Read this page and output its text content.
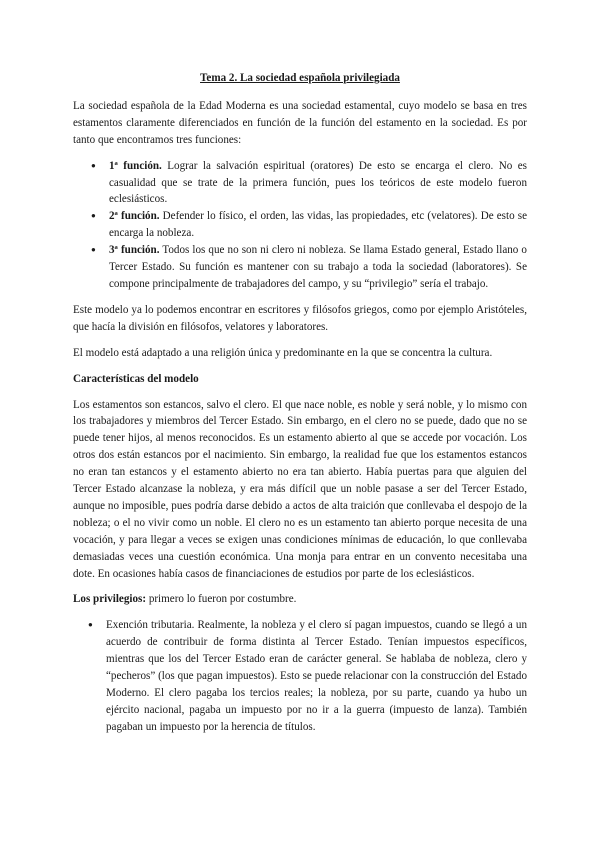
Tema 2. La sociedad española privilegiada

La sociedad española de la Edad Moderna es una sociedad estamental, cuyo modelo se basa en tres estamentos claramente diferenciados en función de la función del estamento en la sociedad. Es por tanto que encontramos tres funciones:

● 1ª función. Lograr la salvación espiritual (oratores) De esto se encarga el clero. No es casualidad que se trate de la primera función, pues los teóricos de este modelo fueron eclesiásticos.
● 2ª función. Defender lo físico, el orden, las vidas, las propiedades, etc (velatores). De esto se encarga la nobleza.
● 3ª función. Todos los que no son ni clero ni nobleza. Se llama Estado general, Estado llano o Tercer Estado. Su función es mantener con su trabajo a toda la sociedad (laboratores). Se compone principalmente de trabajadores del campo, y su “privilegio” sería el trabajo.

Este modelo ya lo podemos encontrar en escritores y filósofos griegos, como por ejemplo Aristóteles, que hacía la división en filósofos, velatores y laboratores.

El modelo está adaptado a una religión única y predominante en la que se concentra la cultura.

Características del modelo

Los estamentos son estancos, salvo el clero. El que nace noble, es noble y será noble, y lo mismo con los trabajadores y miembros del Tercer Estado. Sin embargo, en el clero no se puede, dado que no se puede tener hijos, al menos reconocidos. Es un estamento abierto al que se accede por vocación. Los otros dos están estancos por el nacimiento. Sin embargo, la realidad fue que los estamentos estancos no eran tan estancos y el estamento abierto no era tan abierto. Había puertas para que alguien del Tercer Estado alcanzase la nobleza, y era más difícil que un noble pasase a ser del Tercer Estado, aunque no imposible, pues podría darse debido a actos de alta traición que conllevaba el despojo de la nobleza; o el no vivir como un noble. El clero no es un estamento tan abierto porque necesita de una vocación, y para llegar a veces se exigen unas condiciones mínimas de educación, lo que conllevaba demasiadas veces una cuestión económica. Una monja para entrar en un convento necesitaba una dote. En ocasiones había casos de financiaciones de estudios por parte de los eclesiásticos.

Los privilegios: primero lo fueron por costumbre.

● Exención tributaria. Realmente, la nobleza y el clero sí pagan impuestos, cuando se llegó a un acuerdo de contribuir de forma distinta al Tercer Estado. Tenían impuestos específicos, mientras que los del Tercer Estado eran de carácter general. Se hablaba de nobleza, clero y “pecheros” (los que pagan impuestos). Esto se puede relacionar con la construcción del Estado Moderno. El clero pagaba los tercios reales; la nobleza, por su parte, cuando ya hubo un ejército nacional, pagaba un impuesto por no ir a la guerra (impuesto de lanza). También pagaban un impuesto por la herencia de títulos.
